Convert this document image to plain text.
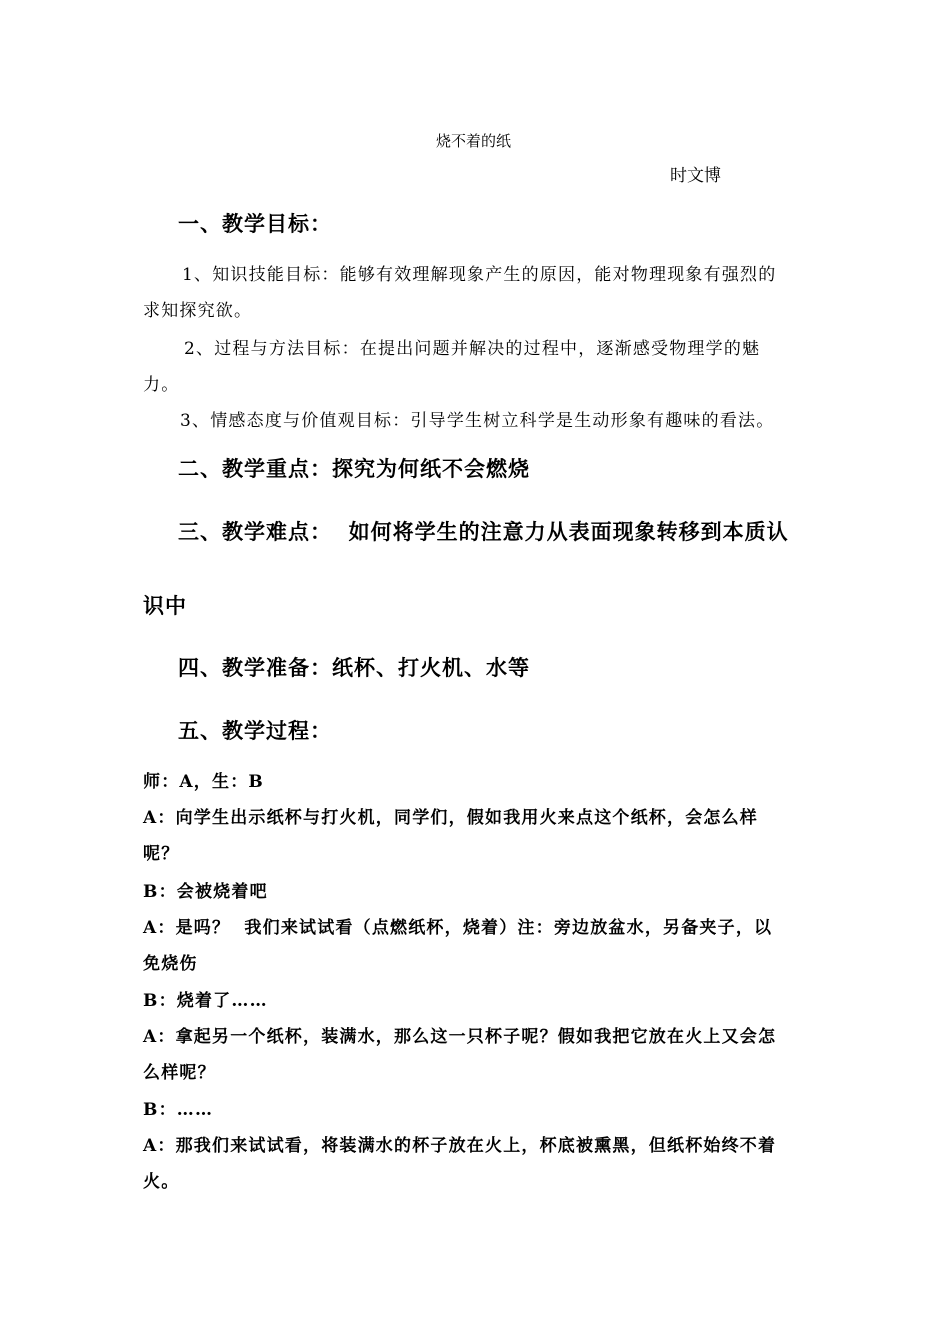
烧不着的纸
时文博
一、教学目标：
1、知识技能目标：能够有效理解现象产生的原因，能对物理现象有强烈的
求知探究欲。
2、过程与方法目标：在提出问题并解决的过程中，逐渐感受物理学的魅
力。
3、情感态度与价值观目标：引导学生树立科学是生动形象有趣味的看法。
二、教学重点：探究为何纸不会燃烧
三、教学难点：  如何将学生的注意力从表面现象转移到本质认
识中
四、教学准备：纸杯、打火机、水等
五、教学过程：
师：A，生：B
A：向学生出示纸杯与打火机，同学们，假如我用火来点这个纸杯，会怎么样
呢？
B：会被烧着吧
A：是吗？  我们来试试看（点燃纸杯，烧着）注：旁边放盆水，另备夹子，以
免烧伤
B：烧着了……
A：拿起另一个纸杯，装满水，那么这一只杯子呢？假如我把它放在火上又会怎
么样呢？
B：……
A：那我们来试试看，将装满水的杯子放在火上，杯底被熏黑，但纸杯始终不着
火。
